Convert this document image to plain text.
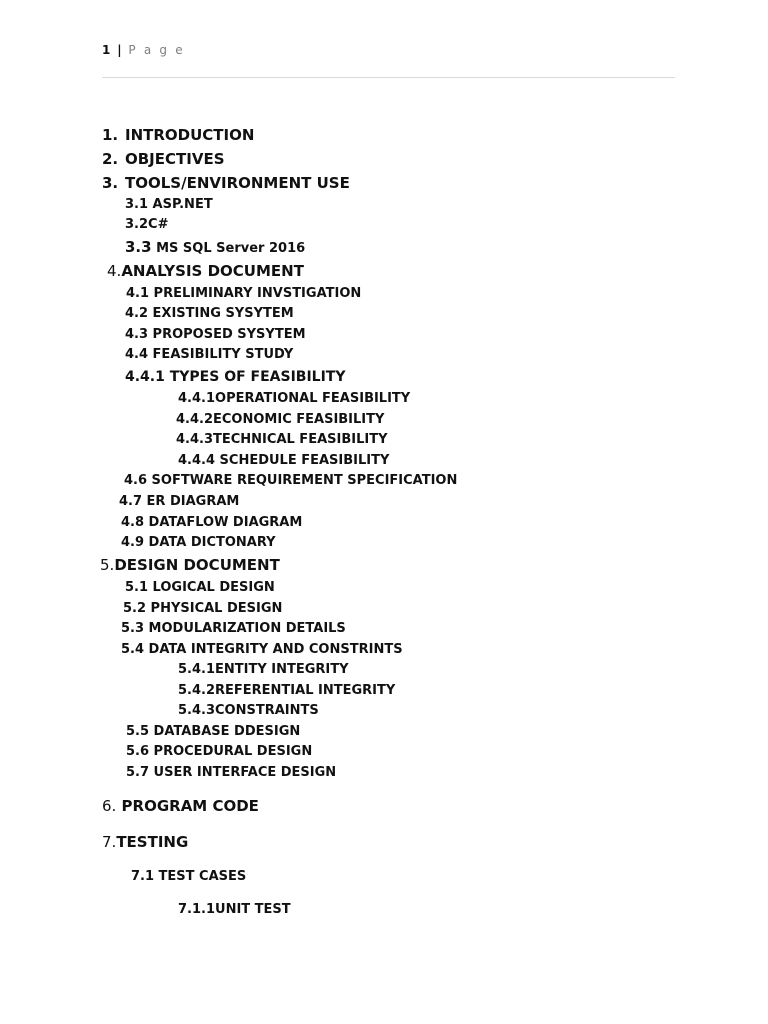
1 | P a g e
1. INTRODUCTION
2. OBJECTIVES
3. TOOLS/ENVIRONMENT USE
3.1 ASP.NET
3.2C#
3.3 MS SQL Server 2016
4.ANALYSIS DOCUMENT
4.1 PRELIMINARY INVSTIGATION
4.2 EXISTING SYSYTEM
4.3 PROPOSED SYSYTEM
4.4 FEASIBILITY STUDY
4.4.1 TYPES OF FEASIBILITY
4.4.1OPERATIONAL FEASIBILITY
4.4.2ECONOMIC FEASIBILITY
4.4.3TECHNICAL FEASIBILITY
4.4.4 SCHEDULE FEASIBILITY
4.6 SOFTWARE REQUIREMENT SPECIFICATION
4.7 ER DIAGRAM
4.8 DATAFLOW DIAGRAM
4.9 DATA DICTONARY
5.DESIGN DOCUMENT
5.1 LOGICAL DESIGN
5.2 PHYSICAL DESIGN
5.3 MODULARIZATION DETAILS
5.4 DATA INTEGRITY AND CONSTRINTS
5.4.1ENTITY INTEGRITY
5.4.2REFERENTIAL INTEGRITY
5.4.3CONSTRAINTS
5.5 DATABASE DDESIGN
5.6 PROCEDURAL DESIGN
5.7 USER INTERFACE DESIGN
6. PROGRAM CODE
7.TESTING
7.1 TEST CASES
7.1.1UNIT TEST
